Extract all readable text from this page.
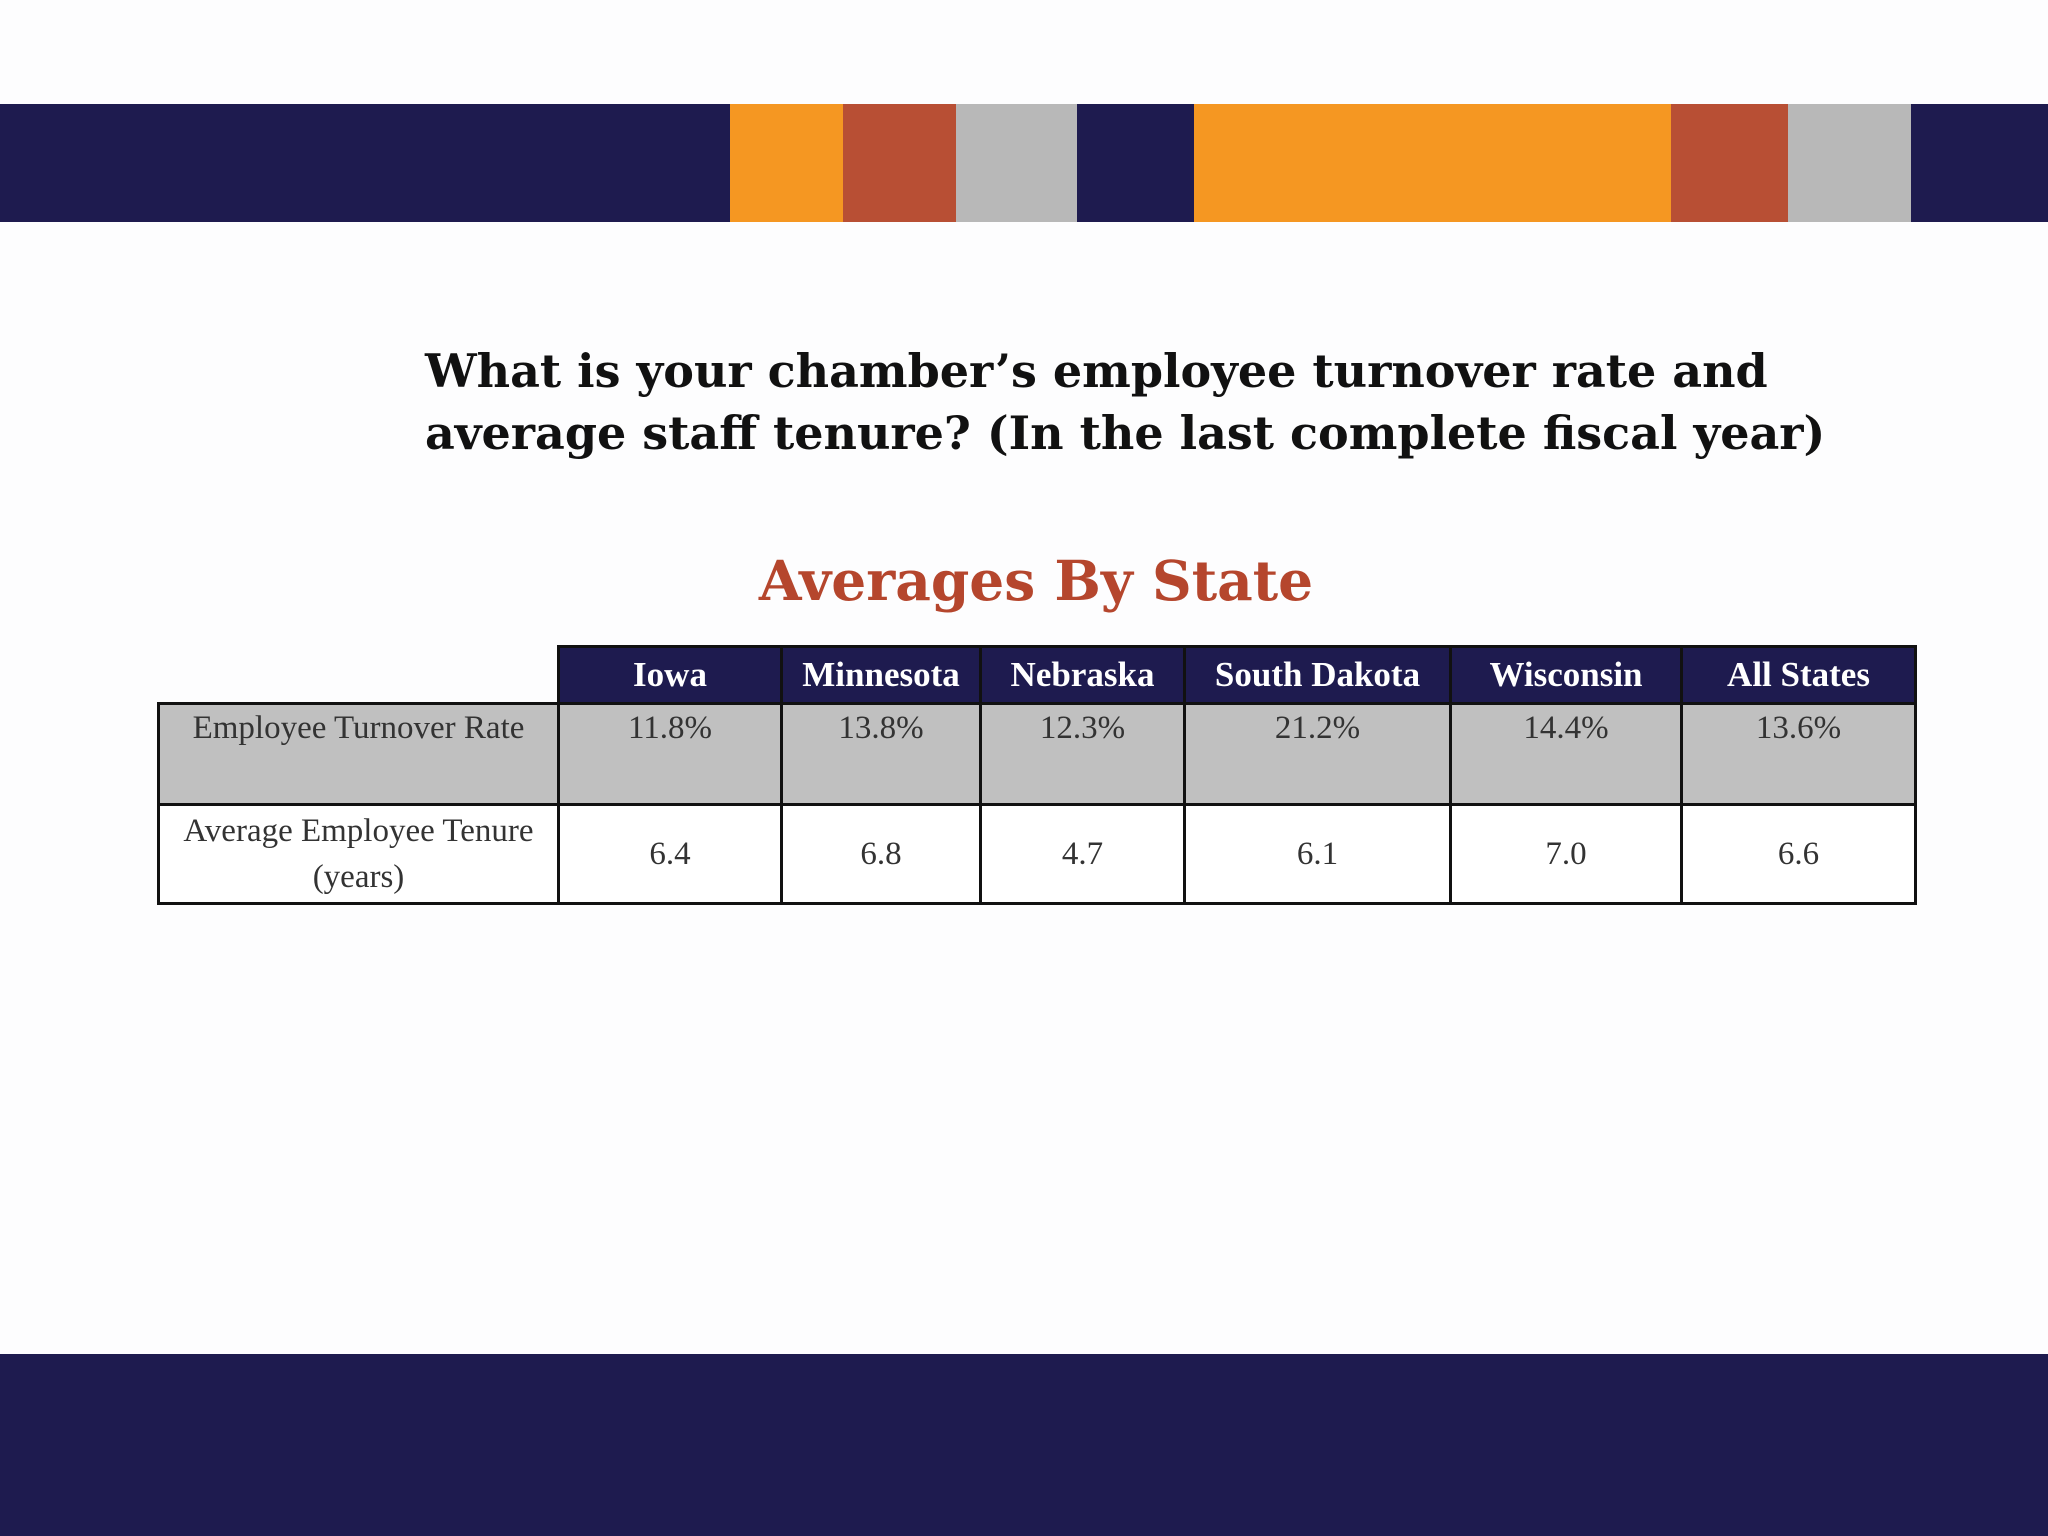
What is your chamber’s employee turnover rate and average staff tenure? (In the last complete fiscal year)
Averages By State
	Iowa	Minnesota	Nebraska	South Dakota	Wisconsin	All States
Employee Turnover Rate	11.8%	13.8%	12.3%	21.2%	14.4%	13.6%
Average Employee Tenure (years)	6.4	6.8	4.7	6.1	7.0	6.6
